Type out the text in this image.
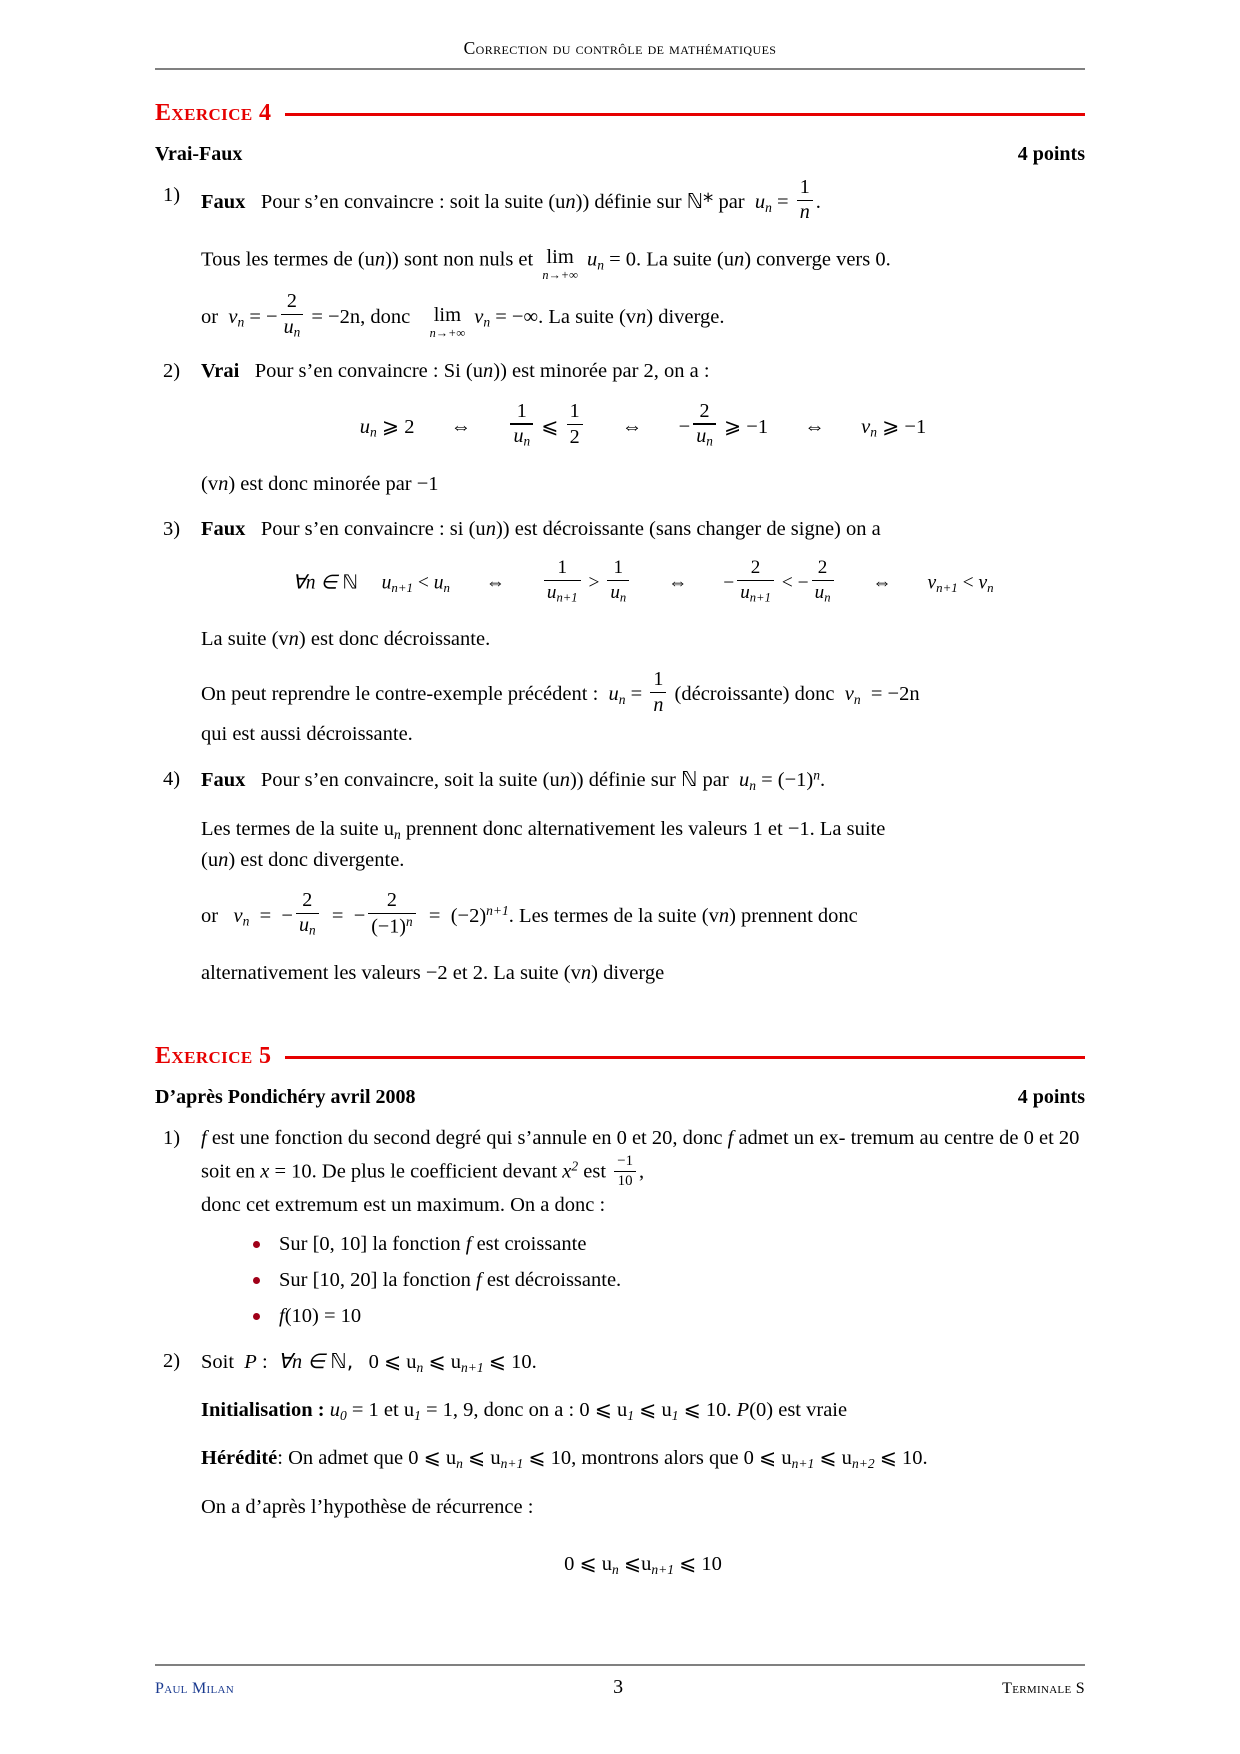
Correction du contrôle de mathématiques
Exercice 4
Vrai-Faux	4 points
1)	Faux Pour s’en convaincre : soit la suite (un)) définie sur ℕ* par $u_n = \frac{1}{n}$ .
Tous les termes de (un)) sont non nuls et lim
n→+∞
$u_n = 0$. La suite (un) converge vers 0.
or $v_n$ = − $\frac{2}{u_n} = -2n$, donc lim
n→+∞
$v_n$ = −∞. La suite (vn) diverge.
2)	Vrai Pour s’en convaincre : Si (un)) est minorée par 2, on a :
$u_n$ ⩾ 2 ⇔ $\frac{1}{u_n}$ ⩽ $\frac{1}{2}$ ⇔ − $\frac{2}{u_n}$ ⩾ −1 ⇔ $v_n$ ⩾ −1
(vn) est donc minorée par −1
3)	Faux Pour s’en convaincre : si (un)) est décroissante (sans changer de signe) on a
∀n ∈ ℕ $u_{n+1} < u_n$ ⇔ $\frac{1}{u_{n+1}} > \frac{1}{u_n}$ ⇔ − $\frac{2}{u_{n+1}}$ < − $\frac{2}{u_n}$ ⇔ $v_{n+1} < v_n$
La suite (vn) est donc décroissante.
On peut reprendre le contre-exemple précédent : $u_n = \frac{1}{n}$ (décroissante) donc $v_n = -2n$
qui est aussi décroissante.
4)	Faux Pour s’en convaincre, soit la suite (un)) définie sur ℕ par $u_n = (-1)^n$.
Les termes de la suite $u_n$ prennent donc alternativement les valeurs 1 et −1. La suite
(un) est donc divergente.
or $v_n$ = − $\frac{2}{u_n}$ = − $\frac{2}{(-1)^n} = (-2)^{n+1}$. Les termes de la suite (vn) prennent donc
alternativement les valeurs −2 et 2. La suite (vn) diverge
Exercice 5
D’après Pondichéry avril 2008	4 points
1)	f est une fonction du second degré qui s’annule en 0 et 20, donc f admet un ex- tremum au centre de 0 et 20 soit en x = 10. De plus le coefficient devant $x^2$ est $\frac{-1}{10}$ ,
donc cet extremum est un maximum. On a donc :
Sur [0, 10] la fonction f est croissante
Sur [10, 20] la fonction f est décroissante.
f(10) = 10
2)	Soit P : ∀n ∈ ℕ, 0 ⩽ $u_n$ ⩽ $u_{n+1}$ ⩽ 10.
Initialisation : $u_0 = 1$ et $u_1 = 1$, 9, donc on a : 0 ⩽ $u_1$ ⩽ $u_1$ ⩽ 10. P(0) est vraie
Hérédité: On admet que 0 ⩽ $u_n$ ⩽ $u_{n+1}$ ⩽ 10, montrons alors que 0 ⩽ $u_{n+1}$ ⩽ $u_{n+2}$ ⩽ 10.
On a d’après l’hypothèse de récurrence :
0 ⩽ $u_n$ $⩽u_{n+1}$ ⩽ 10
Paul Milan	3	Terminale S
